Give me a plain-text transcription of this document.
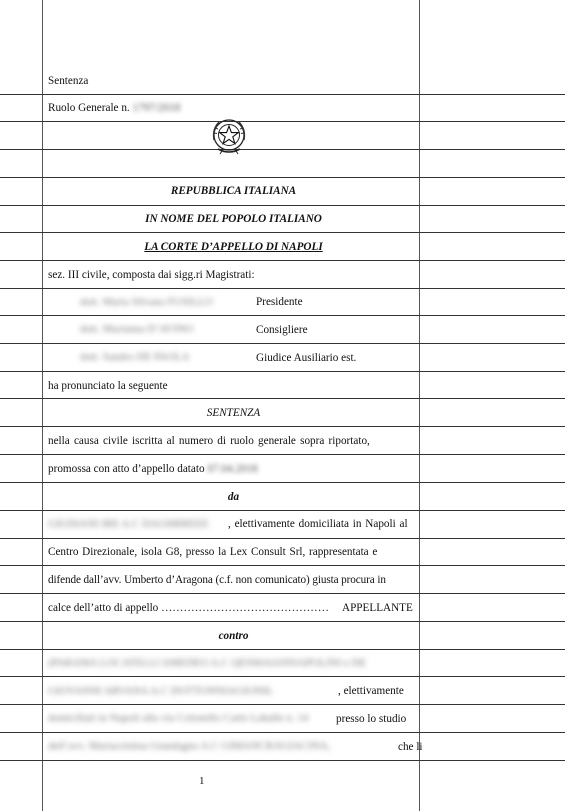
Sentenza
Ruolo Generale n. 1797/2018
REPUBBLICA ITALIANA
IN NOME DEL POPOLO ITALIANO
LA CORTE D’APPELLO DI NAPOLI
sez. III civile, composta dai sigg.ri Magistrati:
dott. Maria Silvana FUSILLO	Presidente
dott. Marianna D’AVINO	Consigliere
dott. Sandro DE PAOLA	Giudice Ausiliario est.
ha pronunciato la seguente
SENTENZA
nella causa civile iscritta al numero di ruolo generale sopra riportato,
promossa con atto d’appello datato 07.04.2018
da
GIUDIANI IRE A.C DAGHRREEE , elettivamente domiciliata in Napoli al
Centro Direzionale, isola G8, presso la Lex Consult Srl, rappresentata e
difende dall’avv. Umberto d’Aragona (c.f. non comunicato) giusta procura in
calce dell’atto di appello ……………………………………… APPELLANTE
contro
(PARAMA LOCATELLI AMEDEO A.C QESMAIANNAPOLINI e DE
GIOVANNI ARVANA A.C DOTTONNIAGIONIL	, elettivamente
domiciliati in Napoli alla via Colonello Carlo Lahalle n. 14 presso lo studio
dell’avv. Mariacristina Giandagno A.C GIMANCRAGIACINA,	che li
1
